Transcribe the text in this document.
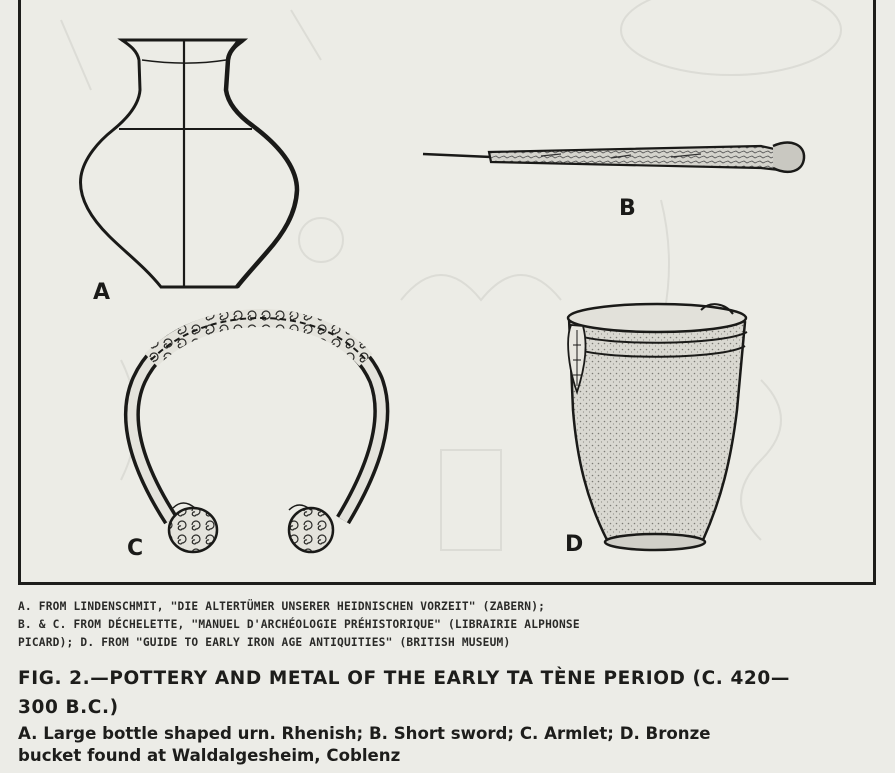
A
B
C	D
A. FROM LINDENSCHMIT, "DIE ALTERTÜMER UNSERER HEIDNISCHEN VORZEIT" (ZABERN);
B. & C. FROM DÉCHELETTE, "MANUEL D'ARCHÉOLOGIE PRÉHISTORIQUE" (LIBRAIRIE ALPHONSE
PICARD); D. FROM "GUIDE TO EARLY IRON AGE ANTIQUITIES" (BRITISH MUSEUM)
FIG. 2.—POTTERY AND METAL OF THE EARLY TA TÈNE PERIOD (C. 420—
300 B.C.)
A. Large bottle shaped urn. Rhenish; B. Short sword; C. Armlet; D. Bronze
bucket found at Waldalgesheim, Coblenz
